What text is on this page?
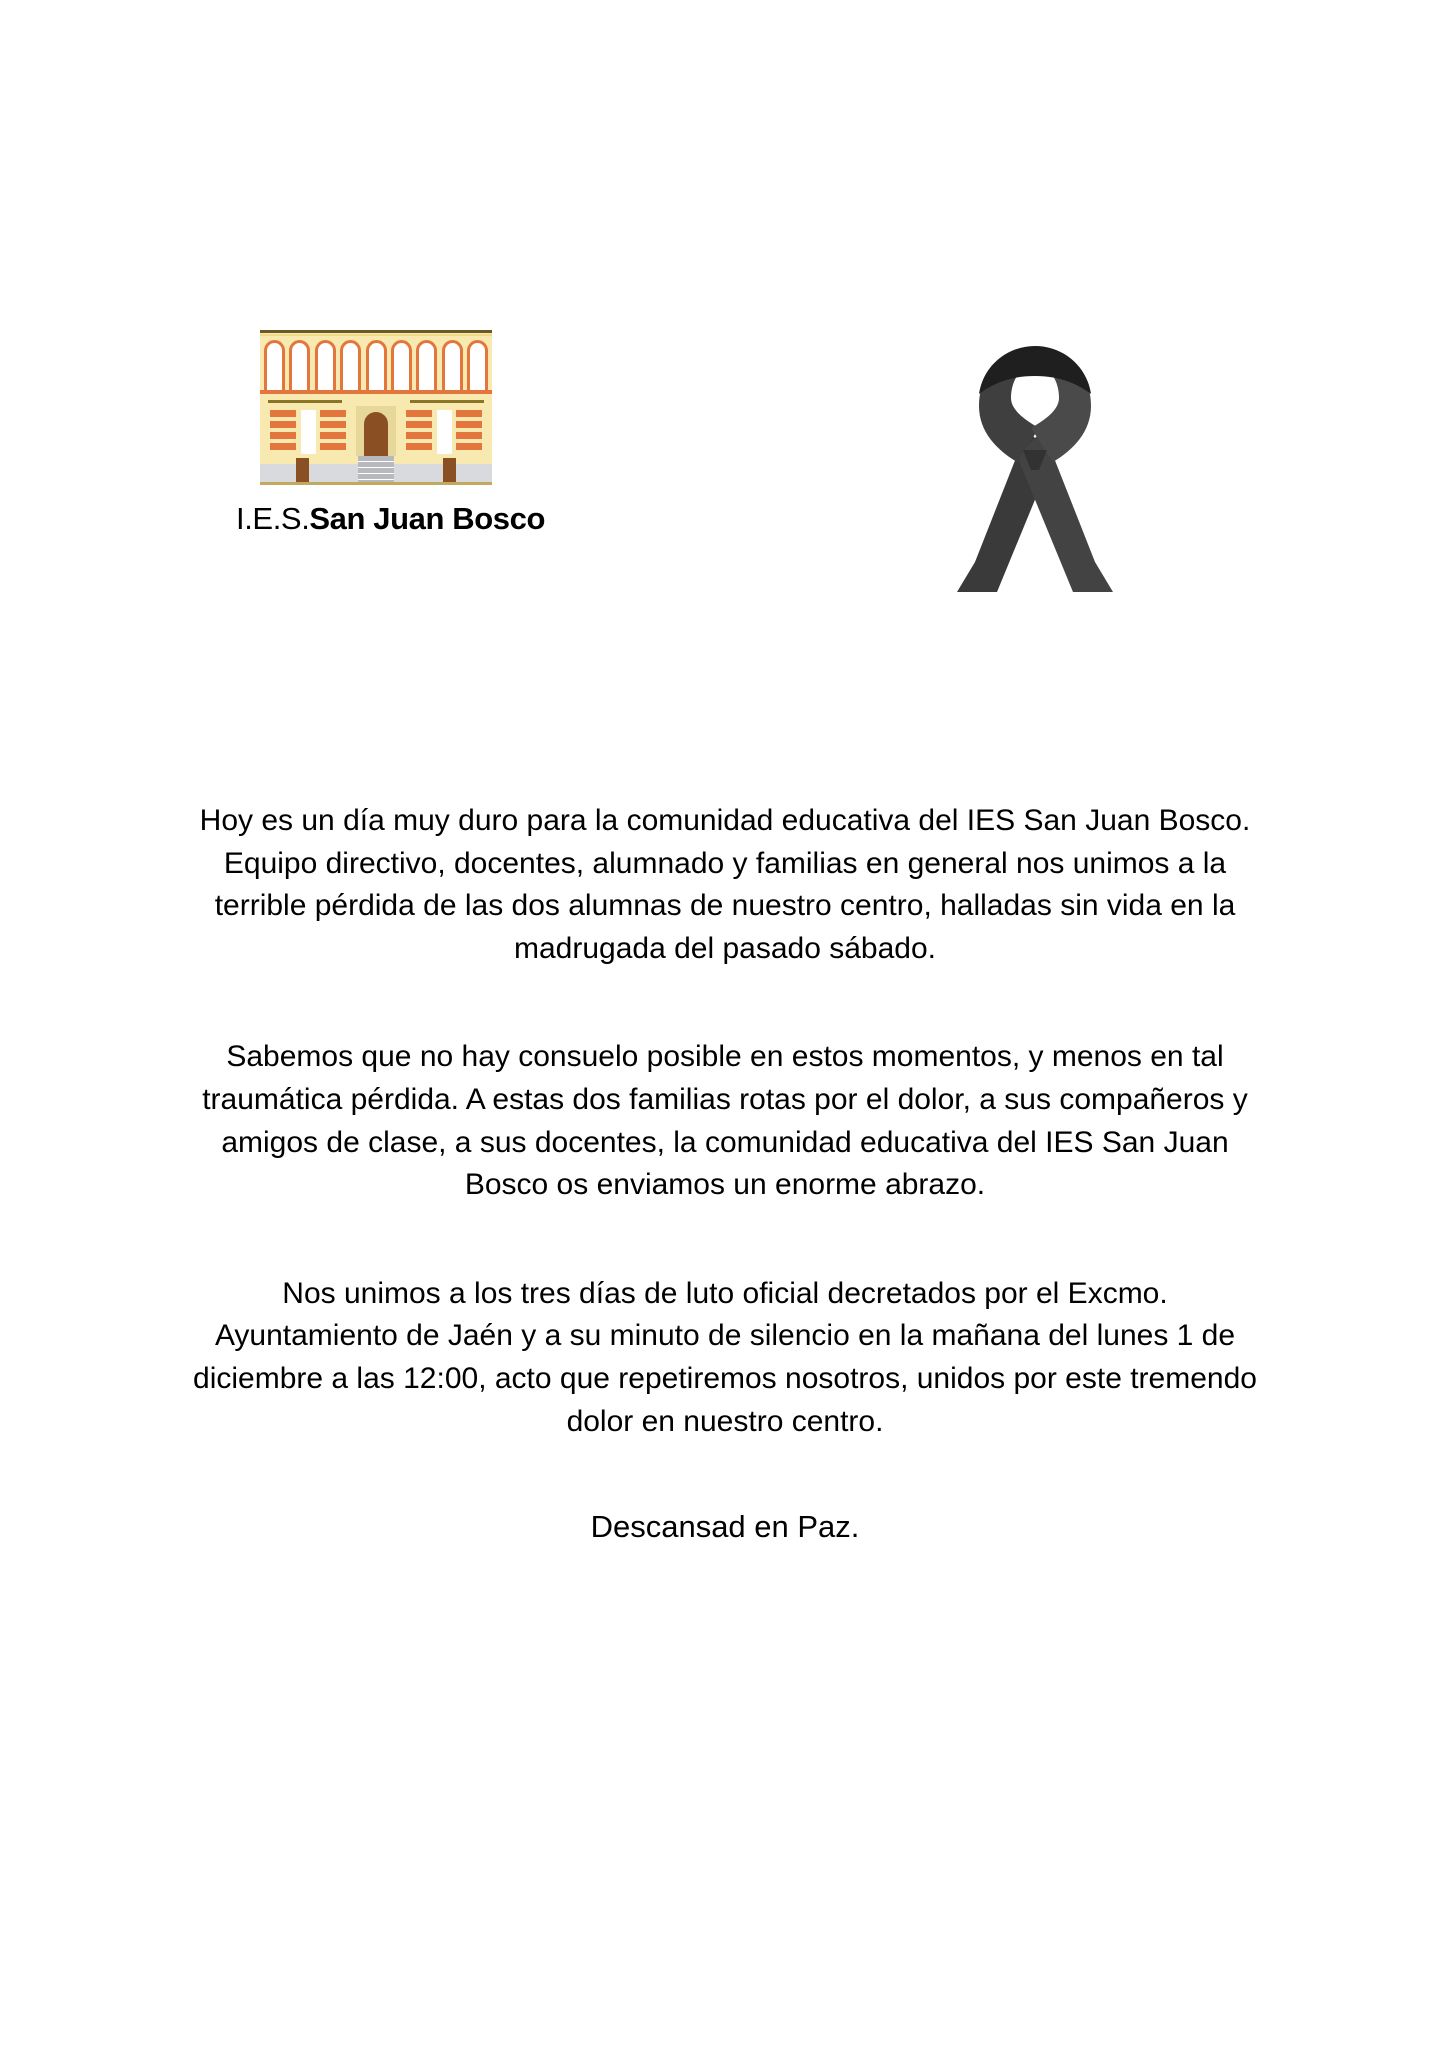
I.E.S.San Juan Bosco

Hoy es un día muy duro para la comunidad educativa del IES San Juan Bosco. Equipo directivo, docentes, alumnado y familias en general nos unimos a la terrible pérdida de las dos alumnas de nuestro centro, halladas sin vida en la madrugada del pasado sábado.

Sabemos que no hay consuelo posible en estos momentos, y menos en tal traumática pérdida. A estas dos familias rotas por el dolor, a sus compañeros y amigos de clase, a sus docentes, la comunidad educativa del IES San Juan Bosco os enviamos un enorme abrazo.

Nos unimos a los tres días de luto oficial decretados por el Excmo. Ayuntamiento de Jaén y a su minuto de silencio en la mañana del lunes 1 de diciembre a las 12:00, acto que repetiremos nosotros, unidos por este tremendo dolor en nuestro centro.

Descansad en Paz.
